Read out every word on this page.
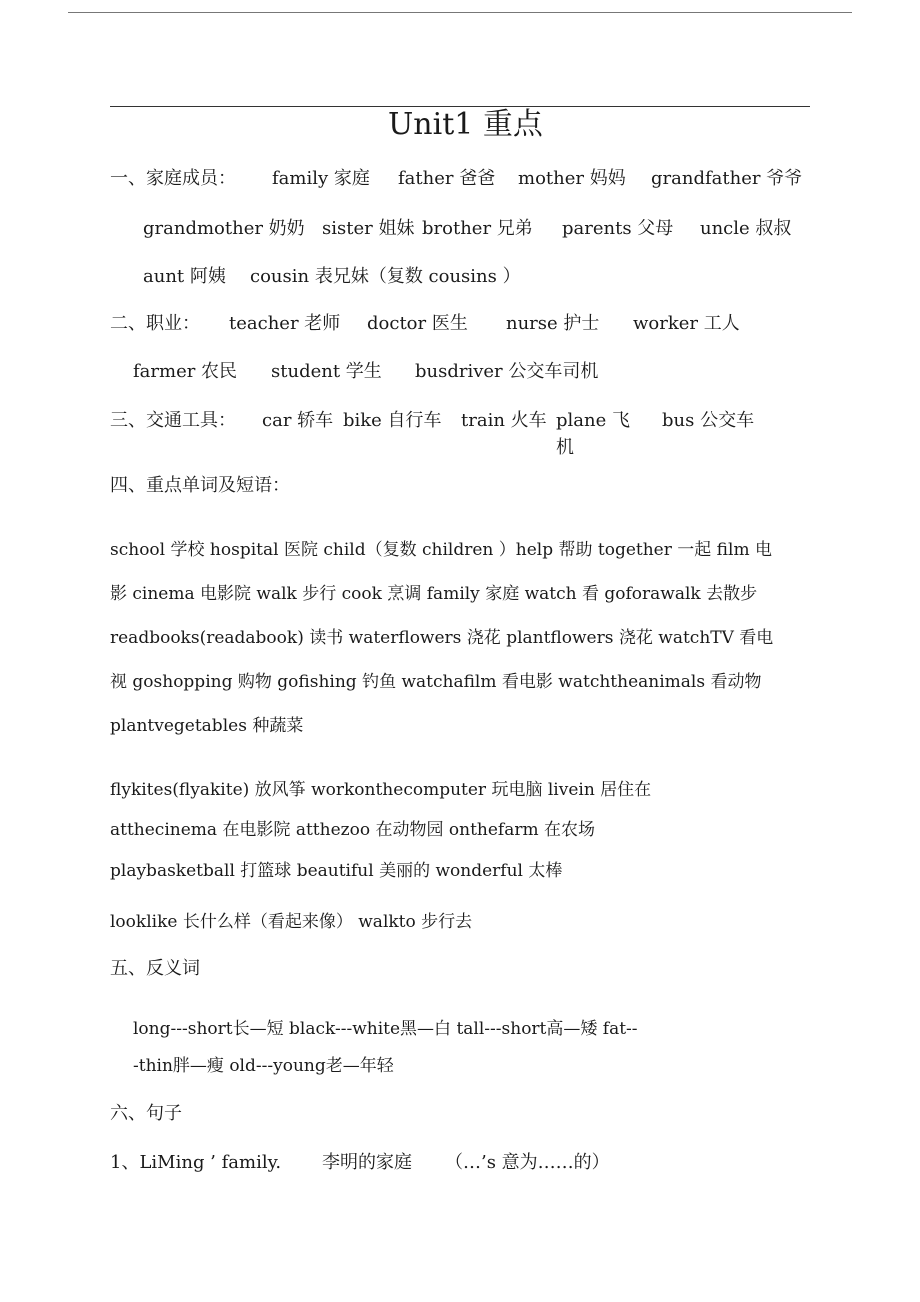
Unit1 重点
一、家庭成员： family 家庭 father 爸爸 mother 妈妈 grandfather 爷爷
grandmother 奶奶 sister 姐妹 brother 兄弟 parents 父母 uncle 叔叔
aunt 阿姨 cousin 表兄妹（复数 cousins ）
二、职业： teacher 老师 doctor 医生 nurse 护士 worker 工人
farmer 农民 student 学生 busdriver 公交车司机
三、交通工具： car 轿车 bike 自行车 train 火车 plane 飞 bus 公交车
机
四、重点单词及短语：
school 学校 hospital 医院 child（复数 children ）help 帮助 together 一起 film 电
影 cinema 电影院 walk 步行 cook 烹调 family 家庭 watch 看 goforawalk 去散步
readbooks(readabook) 读书 waterflowers 浇花 plantflowers 浇花 watchTV 看电
视 goshopping 购物 gofishing 钓鱼 watchafilm 看电影 watchtheanimals 看动物
plantvegetables 种蔬菜
flykites(flyakite) 放风筝 workonthecomputer 玩电脑 livein 居住在
atthecinema 在电影院 atthezoo 在动物园 onthefarm 在农场
playbasketball 打篮球 beautiful 美丽的 wonderful 太棒
looklike 长什么样（看起来像） walkto 步行去
五、反义词
long---short长—短 black---white黑—白 tall---short高—矮 fat--
-thin胖—瘦 old---young老—年轻
六、句子
1、LiMing ’ family. 李明的家庭 （…’s 意为……的）
